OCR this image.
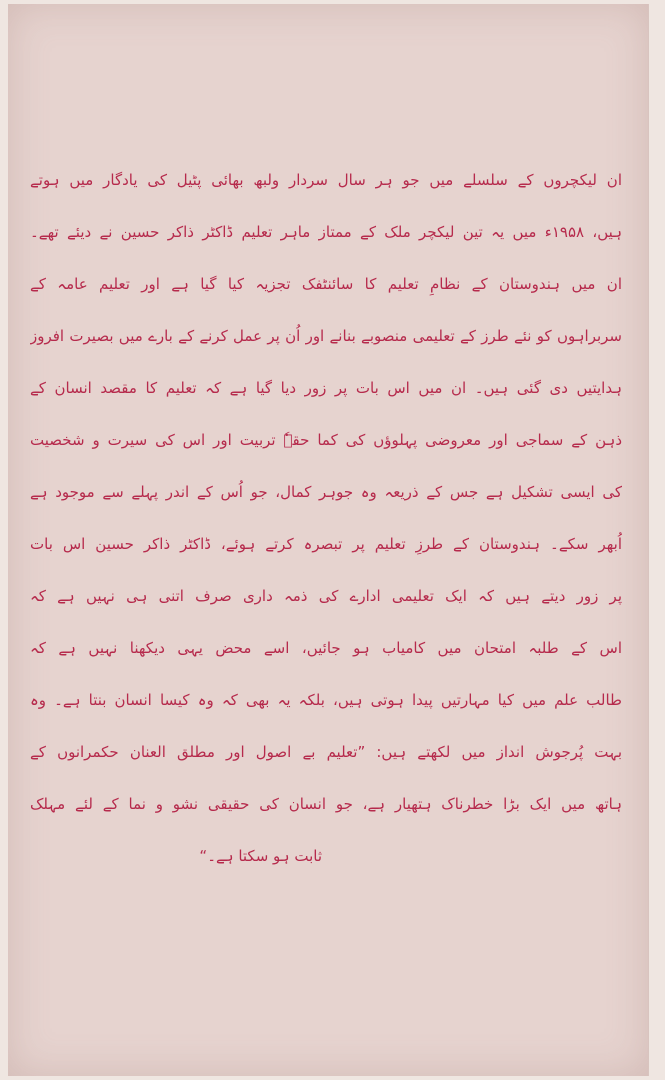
ان لیکچروں کے سلسلے میں جو ہر سال سردار ولبھ بھائی پٹیل کی یادگار میں ہوتے
ہیں، ۱۹۵۸ء میں یہ تین لیکچر ملک کے ممتاز ماہر تعلیم ڈاکٹر ذاکر حسین نے دیئے تھے۔
ان میں ہندوستان کے نظامِ تعلیم کا سائنٹفک تجزیہ کیا گیا ہے اور تعلیم عامہ کے
سربراہوں کو نئے طرز کے تعلیمی منصوبے بنانے اور اُن پر عمل کرنے کے بارے میں بصیرت افروز
ہدایتیں دی گئی ہیں۔ ان میں اس بات پر زور دیا گیا ہے کہ تعلیم کا مقصد انسان کے
ذہن کے سماجی اور معروضی پہلوؤں کی کما حقہٗ تربیت اور اس کی سیرت و شخصیت
کی ایسی تشکیل ہے جس کے ذریعہ وہ جوہر کمال، جو اُس کے اندر پہلے سے موجود ہے
اُبھر سکے۔ ہندوستان کے طرزِ تعلیم پر تبصرہ کرتے ہوئے، ڈاکٹر ذاکر حسین اس بات
پر زور دیتے ہیں کہ ایک تعلیمی ادارے کی ذمہ داری صرف اتنی ہی نہیں ہے کہ
اس کے طلبہ امتحان میں کامیاب ہو جائیں، اسے محض یہی دیکھنا نہیں ہے کہ
طالب علم میں کیا مہارتیں پیدا ہوتی ہیں، بلکہ یہ بھی کہ وہ کیسا انسان بنتا ہے۔ وہ
بہت پُرجوش انداز میں لکھتے ہیں: ”تعلیم بے اصول اور مطلق العنان حکمرانوں کے
ہاتھ میں ایک بڑا خطرناک ہتھیار ہے، جو انسان کی حقیقی نشو و نما کے لئے مہلک
ثابت ہو سکتا ہے۔“
